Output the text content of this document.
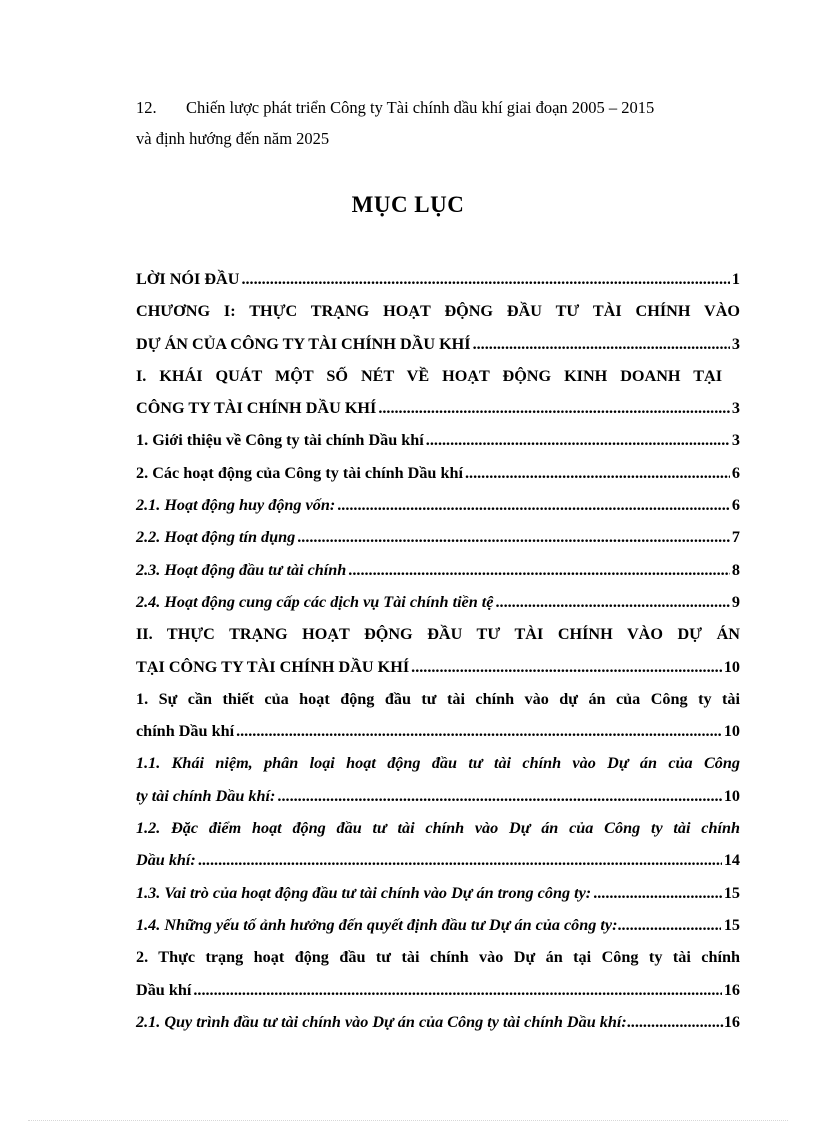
12. Chiến lược phát triển Công ty Tài chính dầu khí giai đoạn 2005 – 2015
và định hướng đến năm 2025
MỤC LỤC
LỜI NÓI ĐẦU .....	1
CHƯƠNG I: THỰC TRẠNG HOẠT ĐỘNG ĐẦU TƯ TÀI CHÍNH VÀO
DỰ ÁN CỦA CÔNG TY TÀI CHÍNH DẦU KHÍ .....	3
I. KHÁI QUÁT MỘT SỐ NÉT VỀ HOẠT ĐỘNG KINH DOANH TẠI
CÔNG TY TÀI CHÍNH DẦU KHÍ .....	3
1. Giới thiệu về Công ty tài chính Dầu khí .....	3
2. Các hoạt động của Công ty tài chính Dầu khí .....	6
2.1. Hoạt động huy động vốn: .....	6
2.2. Hoạt động tín dụng .....	7
2.3. Hoạt động đầu tư tài chính .....	8
2.4. Hoạt động cung cấp các dịch vụ Tài chính tiền tệ .....	9
II. THỰC TRẠNG HOẠT ĐỘNG ĐẦU TƯ TÀI CHÍNH VÀO DỰ ÁN
TẠI CÔNG TY TÀI CHÍNH DẦU KHÍ .....	10
1. Sự cần thiết của hoạt động đầu tư tài chính vào dự án của Công ty tài
chính Dầu khí .....	10
1.1. Khái niệm, phân loại hoạt động đầu tư tài chính vào Dự án của Công
ty tài chính Dầu khí: .....	10
1.2. Đặc điểm hoạt động đầu tư tài chính vào Dự án của Công ty tài chính
Dầu khí: .....	14
1.3. Vai trò của hoạt động đầu tư tài chính vào Dự án trong công ty: .....	15
1.4. Những yếu tố ảnh hưởng đến quyết định đầu tư Dự án của công ty: .....	15
2. Thực trạng hoạt động đầu tư tài chính vào Dự án tại Công ty tài chính
Dầu khí .....	16
2.1. Quy trình đầu tư tài chính vào Dự án của Công ty tài chính Dầu khí: .....	16
